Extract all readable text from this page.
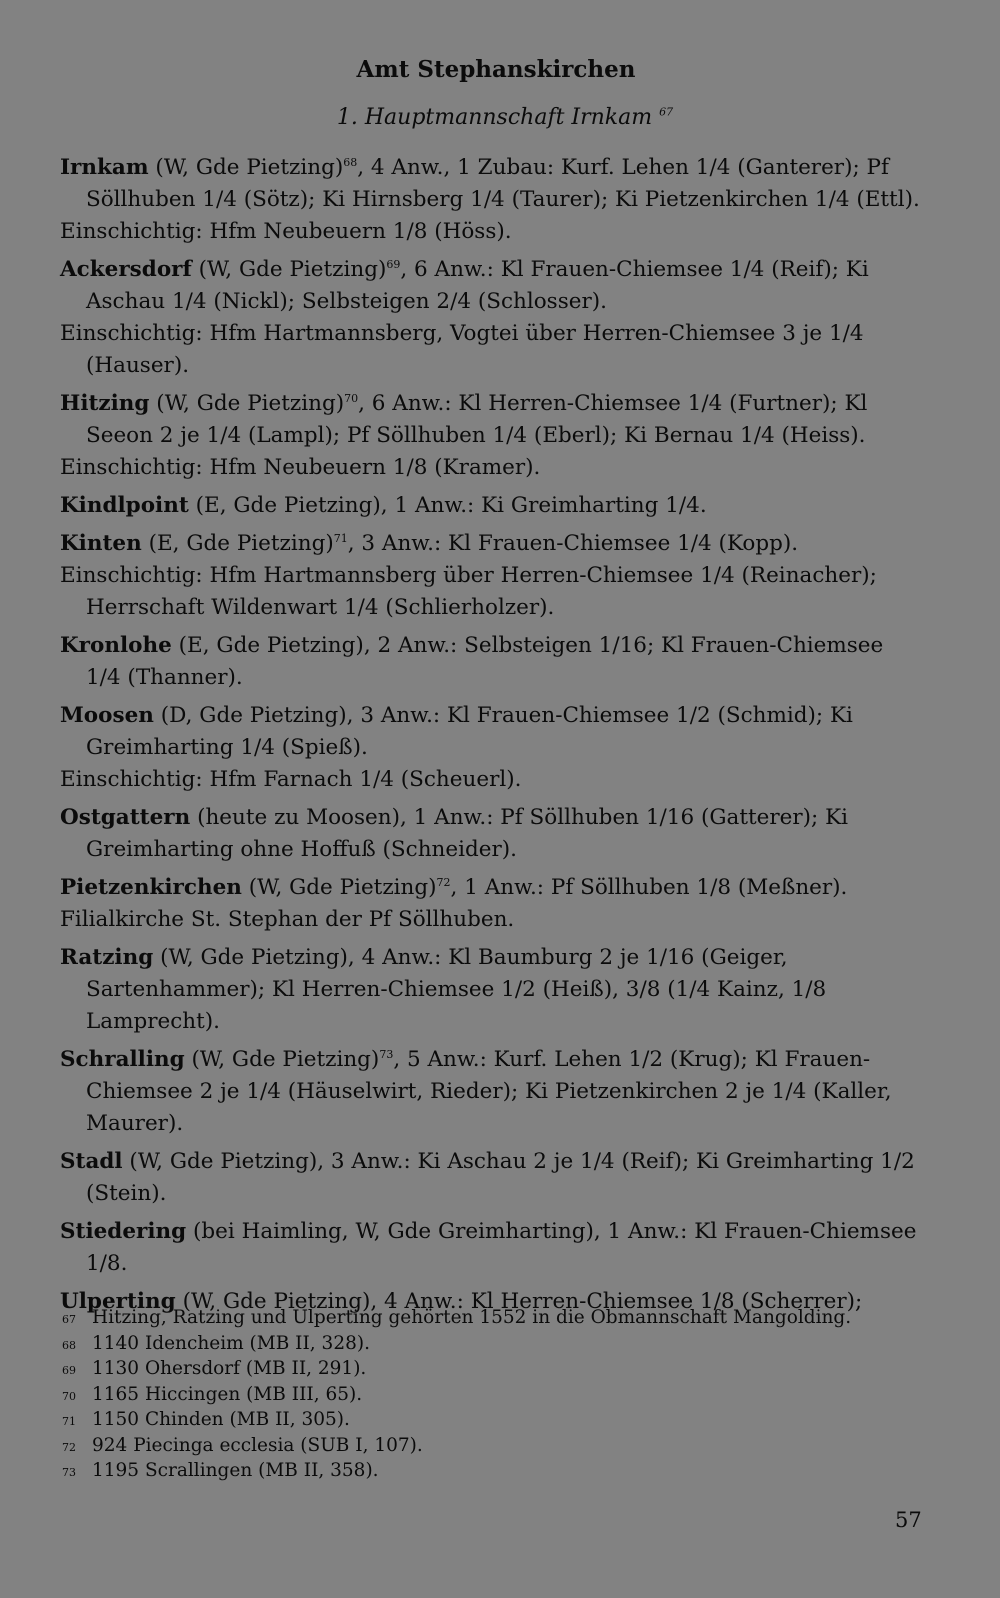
Amt Stephanskirchen
1. Hauptmannschaft Irnkam $^{67}$
Irnkam (W, Gde Pietzing)$^{68}$, 4 Anw., 1 Zubau: Kurf. Lehen 1/4 (Ganterer); Pf Söllhuben 1/4 (Sötz); Ki Hirnsberg 1/4 (Taurer); Ki Pietzenkirchen 1/4 (Ettl).
Einschichtig: Hfm Neubeuern 1/8 (Höss).
Ackersdorf (W, Gde Pietzing)$^{69}$, 6 Anw.: Kl Frauen-Chiemsee 1/4 (Reif); Ki Aschau 1/4 (Nickl); Selbsteigen 2/4 (Schlosser).
Einschichtig: Hfm Hartmannsberg, Vogtei über Herren-Chiemsee 3 je 1/4 (Hauser).
Hitzing (W, Gde Pietzing)$^{70}$, 6 Anw.: Kl Herren-Chiemsee 1/4 (Furtner); Kl Seeon 2 je 1/4 (Lampl); Pf Söllhuben 1/4 (Eberl); Ki Bernau 1/4 (Heiss).
Einschichtig: Hfm Neubeuern 1/8 (Kramer).
Kindlpoint (E, Gde Pietzing), 1 Anw.: Ki Greimharting 1/4.
Kinten (E, Gde Pietzing)$^{71}$, 3 Anw.: Kl Frauen-Chiemsee 1/4 (Kopp).
Einschichtig: Hfm Hartmannsberg über Herren-Chiemsee 1/4 (Reinacher); Herrschaft Wildenwart 1/4 (Schlierholzer).
Kronlohe (E, Gde Pietzing), 2 Anw.: Selbsteigen 1/16; Kl Frauen-Chiemsee 1/4 (Thanner).
Moosen (D, Gde Pietzing), 3 Anw.: Kl Frauen-Chiemsee 1/2 (Schmid); Ki Greimharting 1/4 (Spieß).
Einschichtig: Hfm Farnach 1/4 (Scheuerl).
Ostgattern (heute zu Moosen), 1 Anw.: Pf Söllhuben 1/16 (Gatterer); Ki Greimharting ohne Hoffuß (Schneider).
Pietzenkirchen (W, Gde Pietzing)$^{72}$, 1 Anw.: Pf Söllhuben 1/8 (Meßner).
Filialkirche St. Stephan der Pf Söllhuben.
Ratzing (W, Gde Pietzing), 4 Anw.: Kl Baumburg 2 je 1/16 (Geiger, Sartenhammer); Kl Herren-Chiemsee 1/2 (Heiß), 3/8 (1/4 Kainz, 1/8 Lamprecht).
Schralling (W, Gde Pietzing)$^{73}$, 5 Anw.: Kurf. Lehen 1/2 (Krug); Kl Frauen-Chiemsee 2 je 1/4 (Häuselwirt, Rieder); Ki Pietzenkirchen 2 je 1/4 (Kaller, Maurer).
Stadl (W, Gde Pietzing), 3 Anw.: Ki Aschau 2 je 1/4 (Reif); Ki Greimharting 1/2 (Stein).
Stiedering (bei Haimling, W, Gde Greimharting), 1 Anw.: Kl Frauen-Chiemsee 1/8.
Ulperting (W, Gde Pietzing), 4 Anw.: Kl Herren-Chiemsee 1/8 (Scherrer);
67 Hitzing, Ratzing und Ulperting gehörten 1552 in die Obmannschaft Mangolding.
68 1140 Idencheim (MB II, 328).
69 1130 Ohersdorf (MB II, 291).
70 1165 Hiccingen (MB III, 65).
71 1150 Chinden (MB II, 305).
72 924 Piecinga ecclesia (SUB I, 107).
73 1195 Scrallingen (MB II, 358).
57
